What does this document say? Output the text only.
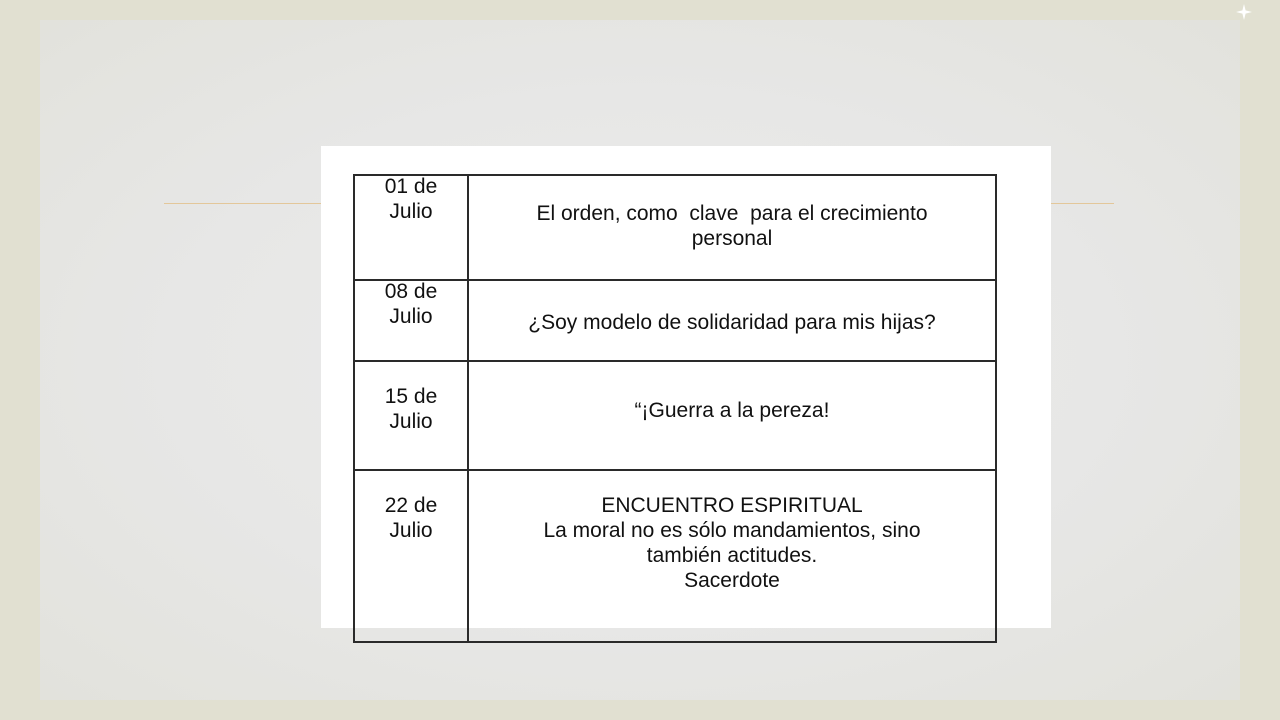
01 de
Julio	El orden, como  clave  para el crecimiento
personal

08 de
Julio	¿Soy modelo de solidaridad para mis hijas?

15 de
Julio	“¡Guerra a la pereza!

22 de
Julio	ENCUENTRO ESPIRITUAL
La moral no es sólo mandamientos, sino
también actitudes.
Sacerdote
